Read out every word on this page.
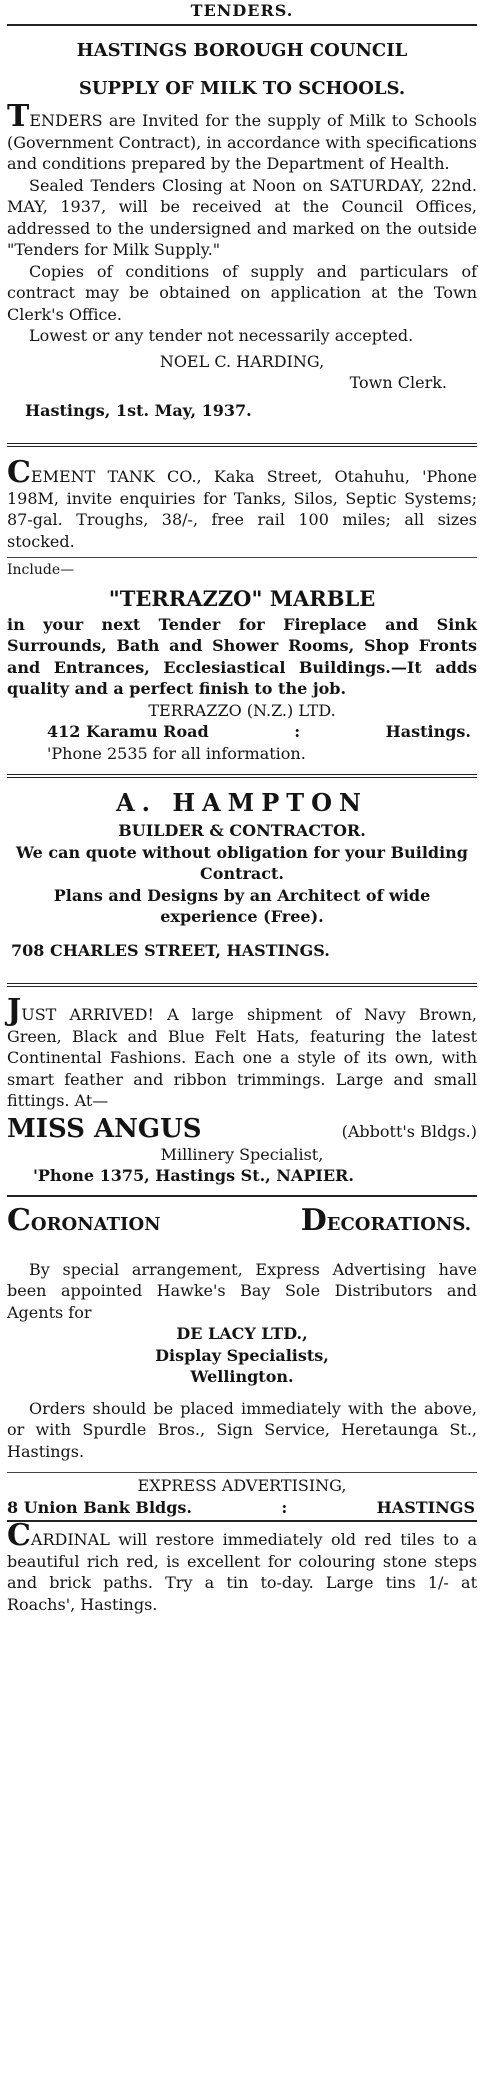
TENDERS.

HASTINGS BOROUGH COUNCIL

SUPPLY OF MILK TO SCHOOLS.

TENDERS are Invited for the supply of Milk to Schools (Government Contract), in accordance with specifications and conditions prepared by the Department of Health.

Sealed Tenders Closing at Noon on SATURDAY, 22nd. MAY, 1937, will be received at the Council Offices, addressed to the undersigned and marked on the outside "Tenders for Milk Supply."

Copies of conditions of supply and particulars of contract may be obtained on application at the Town Clerk's Office.

Lowest or any tender not necessarily accepted.

NOEL C. HARDING,

Town Clerk.

Hastings, 1st. May, 1937.

CEMENT TANK CO., Kaka Street, Otahuhu, 'Phone 198M, invite enquiries for Tanks, Silos, Septic Systems; 87-gal. Troughs, 38/-, free rail 100 miles; all sizes stocked.

Include—

"TERRAZZO" MARBLE

in your next Tender for Fireplace and Sink Surrounds, Bath and Shower Rooms, Shop Fronts and Entrances, Ecclesiastical Buildings.—It adds quality and a perfect finish to the job.

TERRAZZO (N.Z.) LTD.

412 Karamu Road	:	Hastings.

'Phone 2535 for all information.

A. HAMPTON

BUILDER & CONTRACTOR.

We can quote without obligation for your Building Contract.

Plans and Designs by an Architect of wide experience (Free).

708 CHARLES STREET, HASTINGS.

JUST ARRIVED! A large shipment of Navy Brown, Green, Black and Blue Felt Hats, featuring the latest Continental Fashions. Each one a style of its own, with smart feather and ribbon trimmings. Large and small fittings. At—

MISS ANGUS	(Abbott's Bldgs.)

Millinery Specialist,

'Phone 1375, Hastings St., NAPIER.

CORONATION	DECORATIONS.

By special arrangement, Express Advertising have been appointed Hawke's Bay Sole Distributors and Agents for

DE LACY LTD.,

Display Specialists,

Wellington.

Orders should be placed immediately with the above, or with Spurdle Bros., Sign Service, Heretaunga St., Hastings.

EXPRESS ADVERTISING,

8 Union Bank Bldgs.	:	HASTINGS

CARDINAL will restore immediately old red tiles to a beautiful rich red, is excellent for colouring stone steps and brick paths. Try a tin to-day. Large tins 1/- at Roachs', Hastings.
